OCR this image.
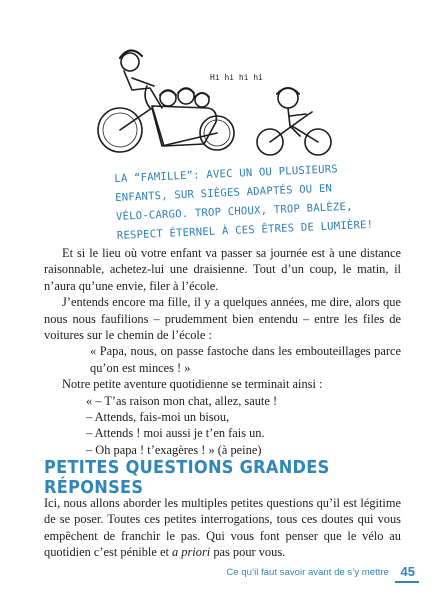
Hi hi hi hi
LA “FAMILLE”: AVEC UN OU PLUSIEURS
ENFANTS, SUR SIÈGES ADAPTÉS OU EN
VÉLO-CARGO. TROP CHOUX, TROP BALÈZE,
RESPECT ÉTERNEL À CES ÊTRES DE LUMIÈRE!

Et si le lieu où votre enfant va passer sa journée est à une distance raisonnable, achetez-lui une draisienne. Tout d’un coup, le matin, il n’aura qu’une envie, filer à l’école.

J’entends encore ma fille, il y a quelques années, me dire, alors que nous nous faufilions – prudemment bien entendu – entre les files de voitures sur le chemin de l’école :

« Papa, nous, on passe fastoche dans les embouteillages parce qu’on est minces ! »

Notre petite aventure quotidienne se terminait ainsi :

« – T’as raison mon chat, allez, saute !

– Attends, fais-moi un bisou,

– Attends ! moi aussi je t’en fais un.

– Oh papa ! t’exagères ! » (à peine)

PETITES QUESTIONS GRANDES RÉPONSES

Ici, nous allons aborder les multiples petites questions qu’il est légitime de se poser. Toutes ces petites interrogations, tous ces doutes qui vous empêchent de franchir le pas. Qui vous font penser que le vélo au quotidien c’est pénible et a priori pas pour vous.

Ce qu’il faut savoir avant de s’y mettre 45
